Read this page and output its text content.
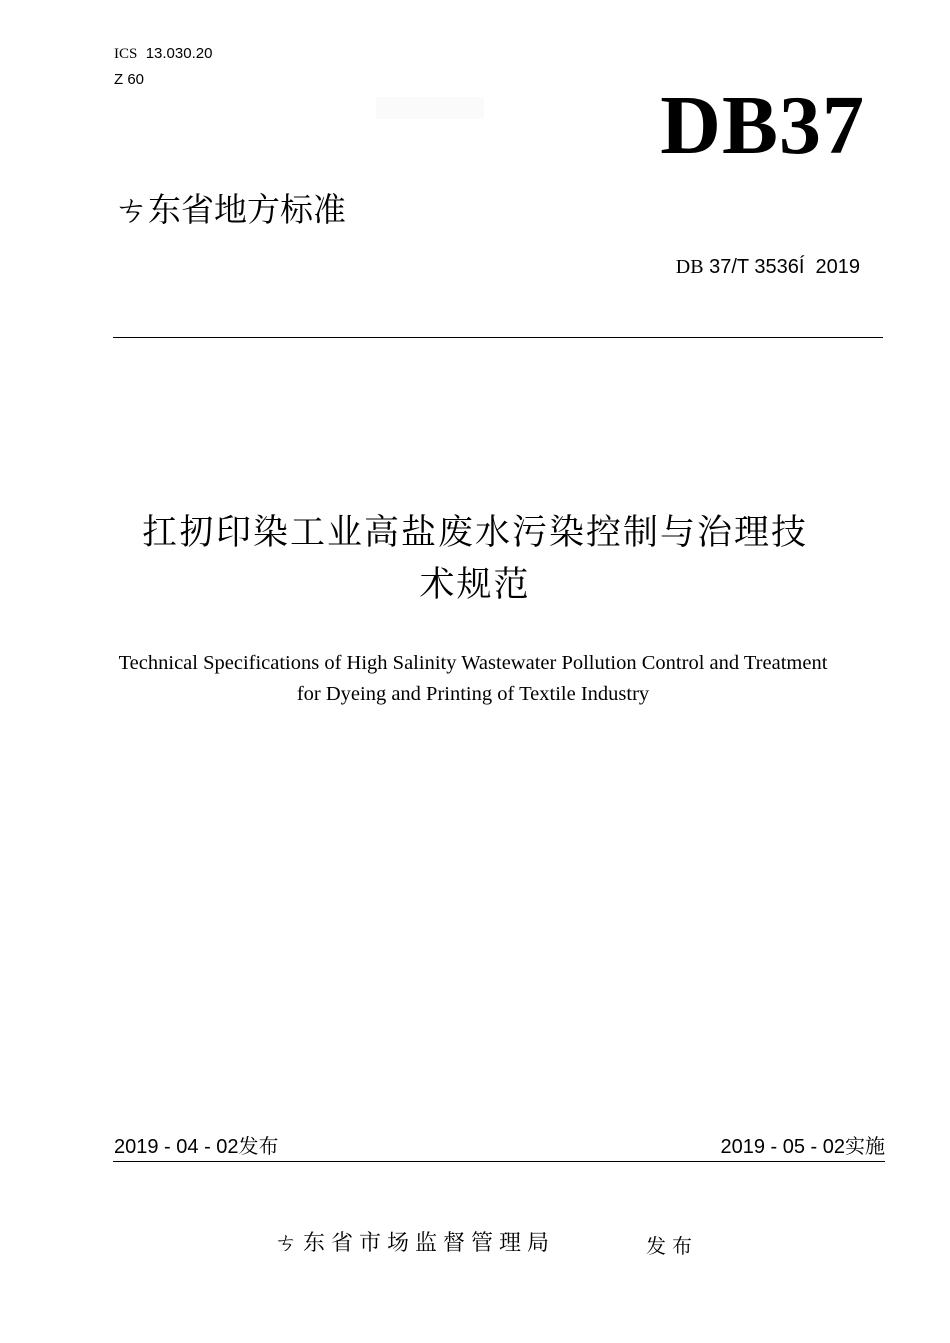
ICS 13.030.20
Z 60	DB37
ㄘ东省地方标准
DB 37/T 3536Í  2019
扛扨印染工业高盐废水污染控制与治理技
术规范
Technical Specifications of High Salinity Wastewater Pollution Control and Treatment
for Dyeing and Printing of Textile Industry
2019 - 04 - 02发布	2019 - 05 - 02实施
ㄘ东省市场监督管理局	发布
